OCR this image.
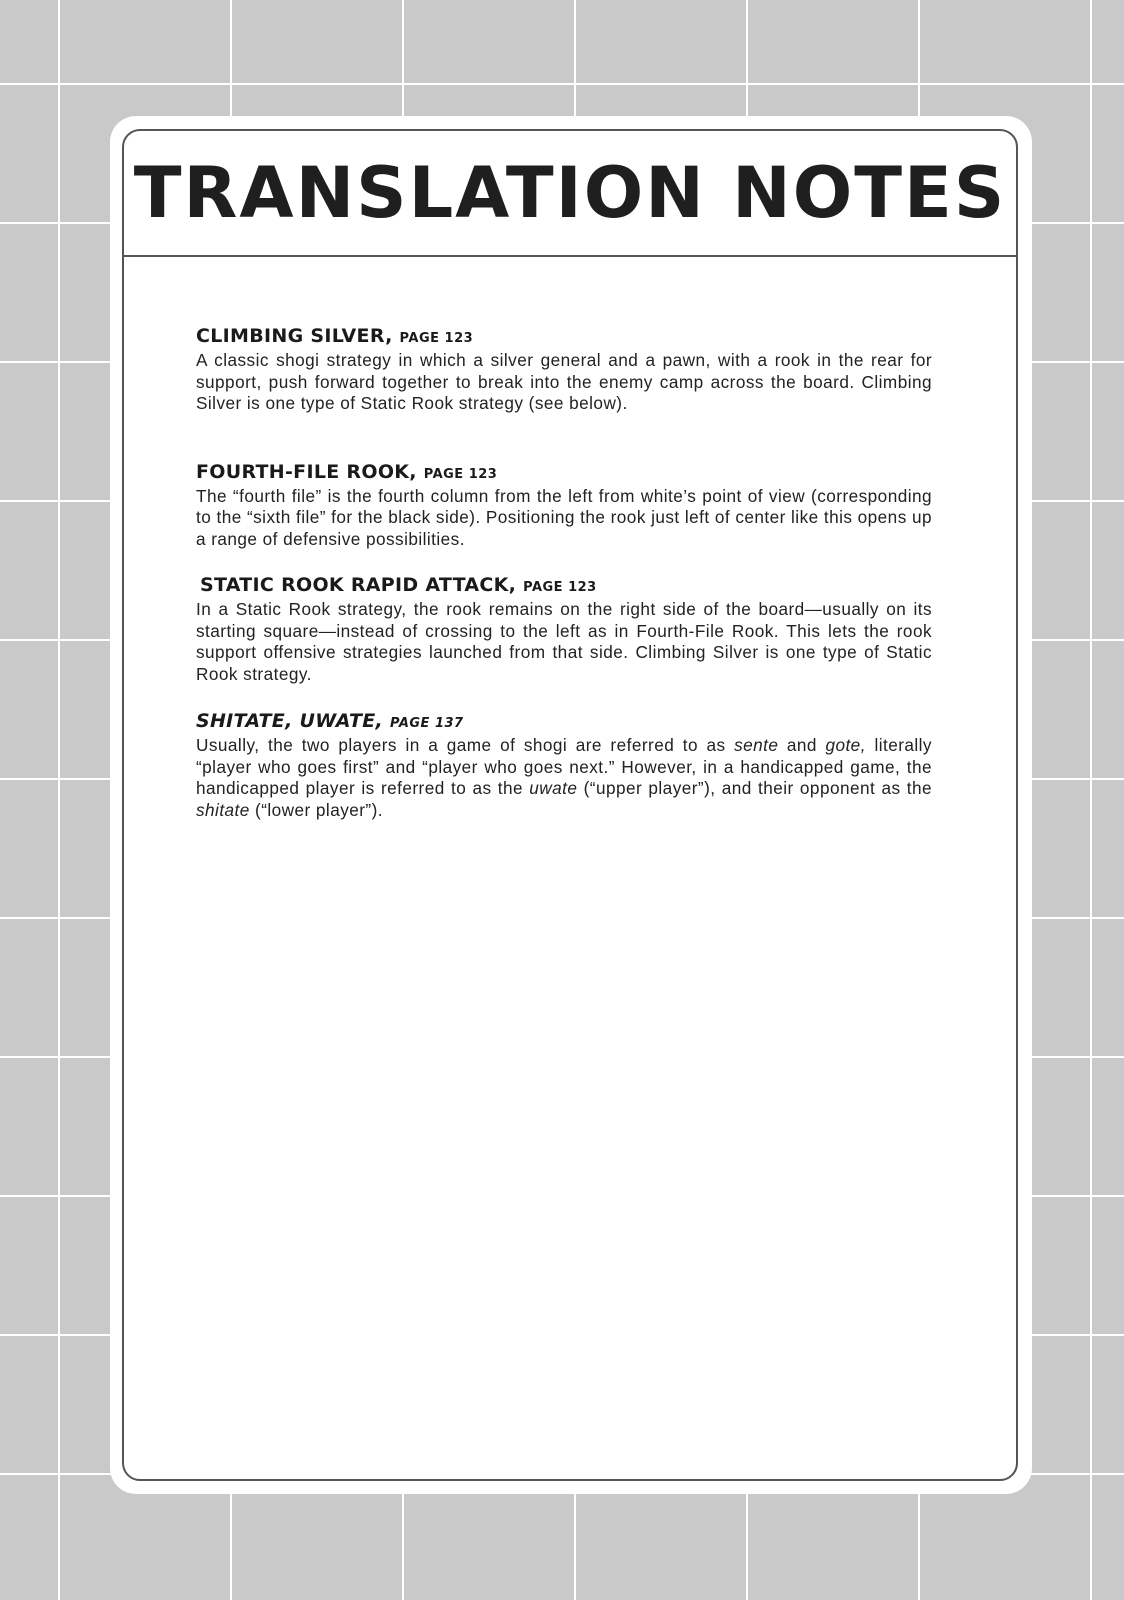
TRANSLATION NOTES
CLIMBING SILVER, PAGE 123

A classic shogi strategy in which a silver general and a pawn, with a rook in the rear for support, push forward together to break into the enemy camp across the board. Climbing Silver is one type of Static Rook strategy (see below).

FOURTH-FILE ROOK, PAGE 123

The “fourth file” is the fourth column from the left from white’s point of view (corresponding to the “sixth file” for the black side). Positioning the rook just left of center like this opens up a range of defensive possibilities.

STATIC ROOK RAPID ATTACK, PAGE 123

In a Static Rook strategy, the rook remains on the right side of the board—usually on its starting square—instead of crossing to the left as in Fourth-File Rook. This lets the rook support offensive strategies launched from that side. Climbing Silver is one type of Static Rook strategy.

SHITATE, UWATE, PAGE 137

Usually, the two players in a game of shogi are referred to as sente and gote, literally “player who goes first” and “player who goes next.” However, in a handicapped game, the handicapped player is referred to as the uwate (“upper player”), and their opponent as the shitate (“lower player”).
